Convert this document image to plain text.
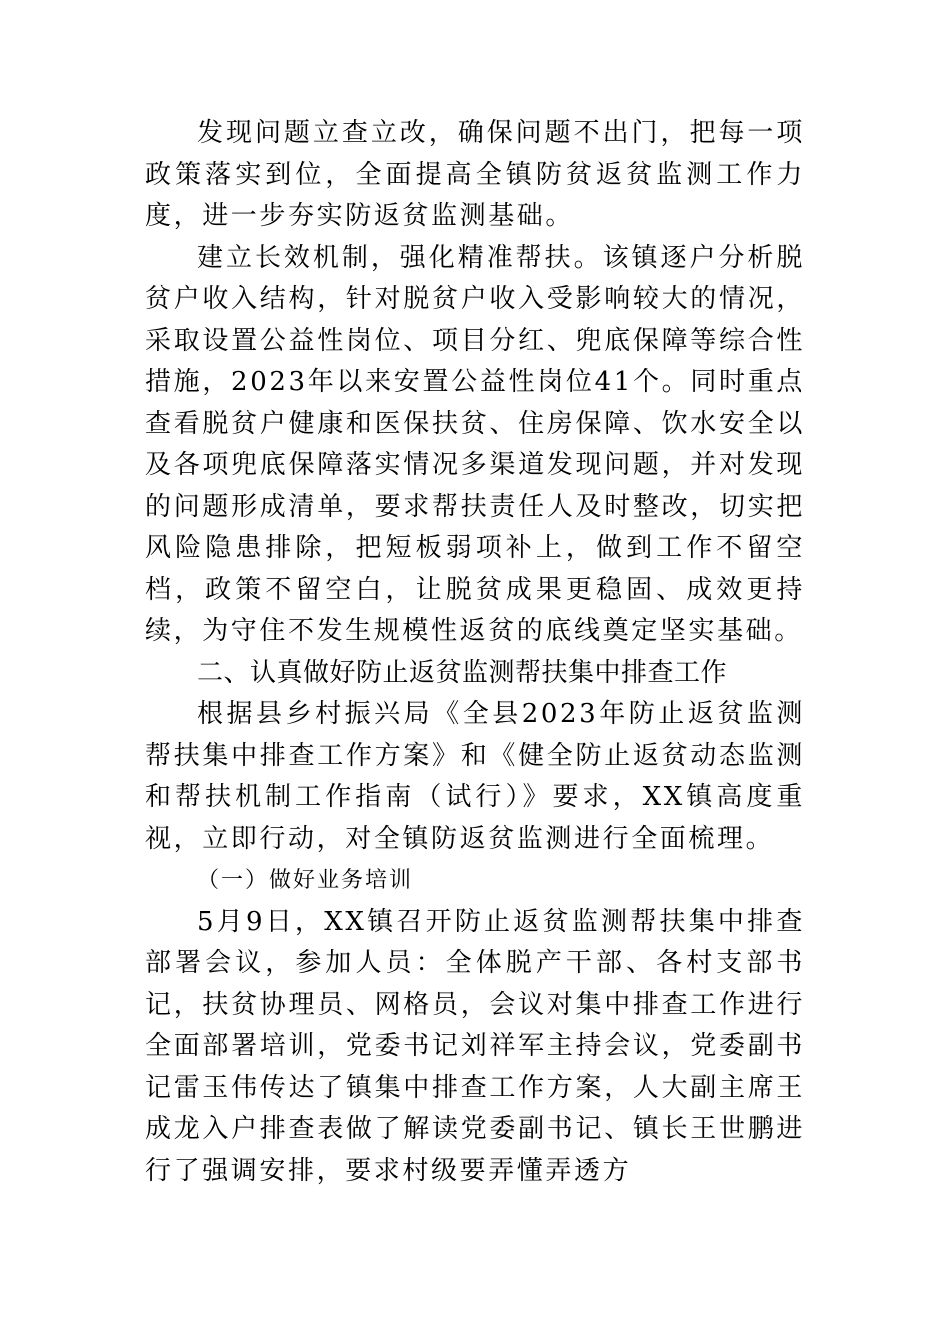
发现问题立查立改，确保问题不出门，把每一项政策落实到位，全面提高全镇防贫返贫监测工作力度，进一步夯实防返贫监测基础。

建立长效机制，强化精准帮扶。该镇逐户分析脱贫户收入结构，针对脱贫户收入受影响较大的情况，采取设置公益性岗位、项目分红、兜底保障等综合性措施，2023年以来安置公益性岗位41个。同时重点查看脱贫户健康和医保扶贫、住房保障、饮水安全以及各项兜底保障落实情况多渠道发现问题，并对发现的问题形成清单，要求帮扶责任人及时整改，切实把风险隐患排除，把短板弱项补上，做到工作不留空档，政策不留空白，让脱贫成果更稳固、成效更持续，为守住不发生规模性返贫的底线奠定坚实基础。

二、认真做好防止返贫监测帮扶集中排查工作

根据县乡村振兴局《全县2023年防止返贫监测帮扶集中排查工作方案》和《健全防止返贫动态监测和帮扶机制工作指南（试行）》要求，XX镇高度重视，立即行动，对全镇防返贫监测进行全面梳理。

（一）做好业务培训

5月9日，XX镇召开防止返贫监测帮扶集中排查部署会议，参加人员：全体脱产干部、各村支部书记，扶贫协理员、网格员，会议对集中排查工作进行全面部署培训，党委书记刘祥军主持会议，党委副书记雷玉伟传达了镇集中排查工作方案，人大副主席王成龙入户排查表做了解读党委副书记、镇长王世鹏进行了强调安排，要求村级要弄懂弄透方
